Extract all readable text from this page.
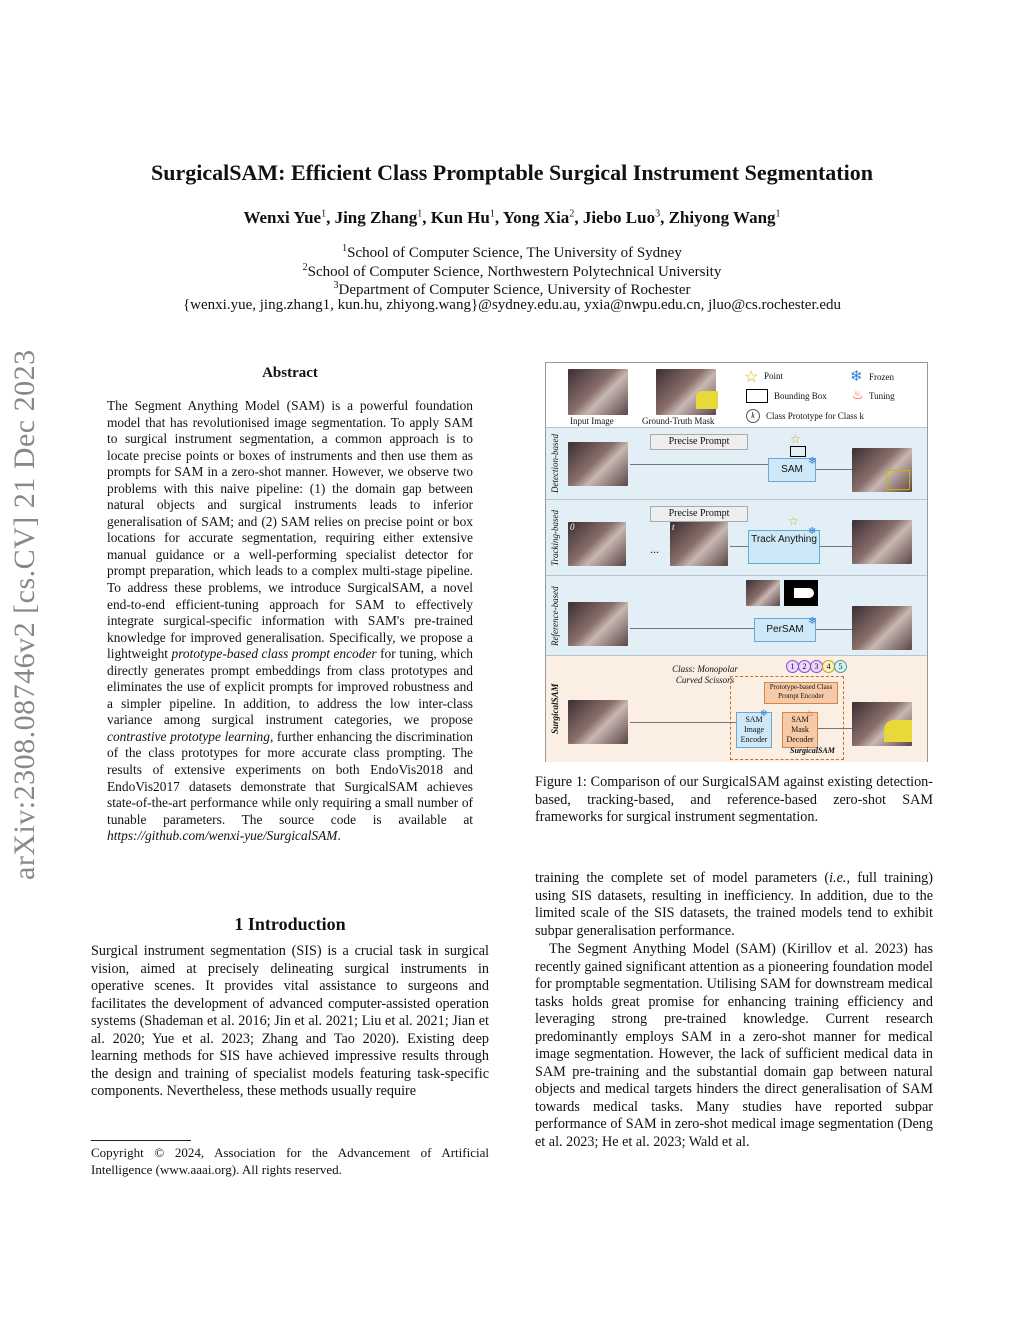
SurgicalSAM: Efficient Class Promptable Surgical Instrument Segmentation
Wenxi Yue$^1$, Jing Zhang$^1$, Kun Hu$^1$, Yong Xia$^2$, Jiebo Luo$^3$, Zhiyong Wang$^1$
$^1$School of Computer Science, The University of Sydney
$^2$School of Computer Science, Northwestern Polytechnical University
$^3$Department of Computer Science, University of Rochester
{wenxi.yue, jing.zhang1, kun.hu, zhiyong.wang}@sydney.edu.au, yxia@nwpu.edu.cn, jluo@cs.rochester.edu
arXiv:2308.08746v2 [cs.CV] 21 Dec 2023	Abstract
The Segment Anything Model (SAM) is a powerful foundation model that has revolutionised image segmentation. To apply SAM to surgical instrument segmentation, a common approach is to locate precise points or boxes of instruments and then use them as prompts for SAM in a zero-shot manner. However, we observe two problems with this naive pipeline: (1) the domain gap between natural objects and surgical instruments leads to inferior generalisation of SAM; and (2) SAM relies on precise point or box locations for accurate segmentation, requiring either extensive manual guidance or a well-performing specialist detector for prompt preparation, which leads to a complex multi-stage pipeline. To address these problems, we introduce SurgicalSAM, a novel end-to-end efficient-tuning approach for SAM to effectively integrate surgical-specific information with SAM's pre-trained knowledge for improved generalisation. Specifically, we propose a lightweight prototype-based class prompt encoder for tuning, which directly generates prompt embeddings from class prototypes and eliminates the use of explicit prompts for improved robustness and a simpler pipeline. In addition, to address the low inter-class variance among surgical instrument categories, we propose contrastive prototype learning, further enhancing the discrimination of the class prototypes for more accurate class prompting. The results of extensive experiments on both EndoVis2018 and EndoVis2017 datasets demonstrate that SurgicalSAM achieves state-of-the-art performance while only requiring a small number of tunable parameters. The source code is available at https://github.com/wenxi-yue/SurgicalSAM.
1 Introduction
Surgical instrument segmentation (SIS) is a crucial task in surgical vision, aimed at precisely delineating surgical instruments in operative scenes. It provides vital assistance to surgeons and facilitates the development of advanced computer-assisted operation systems (Shademan et al. 2016; Jin et al. 2021; Liu et al. 2021; Jian et al. 2020; Yue et al. 2023; Zhang and Tao 2020). Existing deep learning methods for SIS have achieved impressive results through the design and training of specialist models featuring task-specific components. Nevertheless, these methods usually require
Copyright © 2024, Association for the Advancement of Artificial Intelligence (www.aaai.org). All rights reserved.
Input Image	Ground-Truth Mask
☆ Point
Bounding Box
k	Class Prototype for Class k
❄ Frozen
♨ Tuning
Detection-based	Precise Prompt	☆
SAM
❄
Tracking-based	0
...
t
Precise Prompt
☆
Track Anything
❄
Reference-based	PerSAM
❄
SurgicalSAM
Class: Monopolar Curved Scissors
1	2	3	4	5
Prototype-based Class Prompt Encoder
SAM Image Encoder
❄
SAM Mask Decoder
♨
SurgicalSAM
Figure 1: Comparison of our SurgicalSAM against existing detection-based, tracking-based, and reference-based zero-shot SAM frameworks for surgical instrument segmentation.
training the complete set of model parameters (i.e., full training) using SIS datasets, resulting in inefficiency. In addition, due to the limited scale of the SIS datasets, the trained models tend to exhibit subpar generalisation performance.
The Segment Anything Model (SAM) (Kirillov et al. 2023) has recently gained significant attention as a pioneering foundation model for promptable segmentation. Utilising SAM for downstream medical tasks holds great promise for enhancing training efficiency and leveraging strong pre-trained knowledge. Current research predominantly employs SAM in a zero-shot manner for medical image segmentation. However, the lack of sufficient medical data in SAM pre-training and the substantial domain gap between natural objects and medical targets hinders the direct generalisation of SAM towards medical tasks. Many studies have reported subpar performance of SAM in zero-shot medical image segmentation (Deng et al. 2023; He et al. 2023; Wald et al.
